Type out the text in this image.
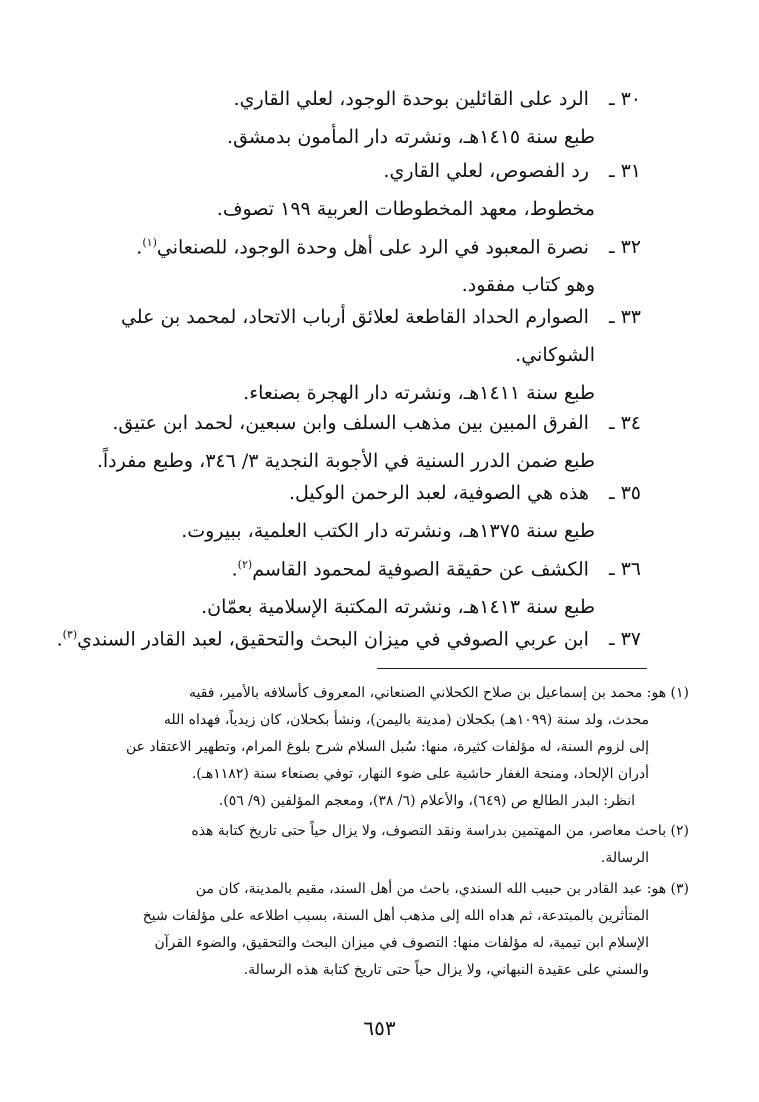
٣٠ ـ الرد على القائلين بوحدة الوجود، لعلي القاري.
طبع سنة ١٤١٥هـ، ونشرته دار المأمون بدمشق.
٣١ ـ رد الفصوص، لعلي القاري.
مخطوط، معهد المخطوطات العربية ١٩٩ تصوف.
٣٢ ـ نصرة المعبود في الرد على أهل وحدة الوجود، للصنعاني$^{(١)}$.
وهو كتاب مفقود.
٣٣ ـ الصوارم الحداد القاطعة لعلائق أرباب الاتحاد، لمحمد بن علي
الشوكاني.
طبع سنة ١٤١١هـ، ونشرته دار الهجرة بصنعاء.
٣٤ ـ الفرق المبين بين مذهب السلف وابن سبعين، لحمد ابن عتيق.
طبع ضمن الدرر السنية في الأجوبة النجدية ٣/ ٣٤٦، وطبع مفرداً.
٣٥ ـ هذه هي الصوفية، لعبد الرحمن الوكيل.
طبع سنة ١٣٧٥هـ، ونشرته دار الكتب العلمية، ببيروت.
٣٦ ـ الكشف عن حقيقة الصوفية لمحمود القاسم$^{(٢)}$.
طبع سنة ١٤١٣هـ، ونشرته المكتبة الإسلامية بعمّان.
٣٧ ـ ابن عربي الصوفي في ميزان البحث والتحقيق، لعبد القادر السندي$^{(٣)}$.
(١) هو: محمد بن إسماعيل بن صلاح الكحلاني الصنعاني، المعروف كأسلافه بالأمير، فقيه
محدث، ولد سنة (١٠٩٩هـ) بكحلان (مدينة باليمن)، ونشأ بكحلان، كان زيدياً، فهداه الله
إلى لزوم السنة، له مؤلفات كثيرة، منها: سُبل السلام شرح بلوغ المرام، وتطهير الاعتقاد عن
أدران الإلحاد، ومنحة الغفار حاشية على ضوء النهار، توفي بصنعاء سنة (١١٨٢هـ).
انظر: البدر الطالع ص (٦٤٩)، والأعلام (٦/ ٣٨)، ومعجم المؤلفين (٩/ ٥٦).
(٢) باحث معاصر، من المهتمين بدراسة ونقد التصوف، ولا يزال حياً حتى تاريخ كتابة هذه
الرسالة.
(٣) هو: عبد القادر بن حبيب الله السندي، باحث من أهل السند، مقيم بالمدينة، كان من
المتأثرين بالمبتدعة، ثم هداه الله إلى مذهب أهل السنة، بسبب اطلاعه على مؤلفات شيخ
الإسلام ابن تيمية، له مؤلفات منها: التصوف في ميزان البحث والتحقيق، والضوء القرآن
والسني على عقيدة النبهاني، ولا يزال حياً حتى تاريخ كتابة هذه الرسالة.
٦٥٣
